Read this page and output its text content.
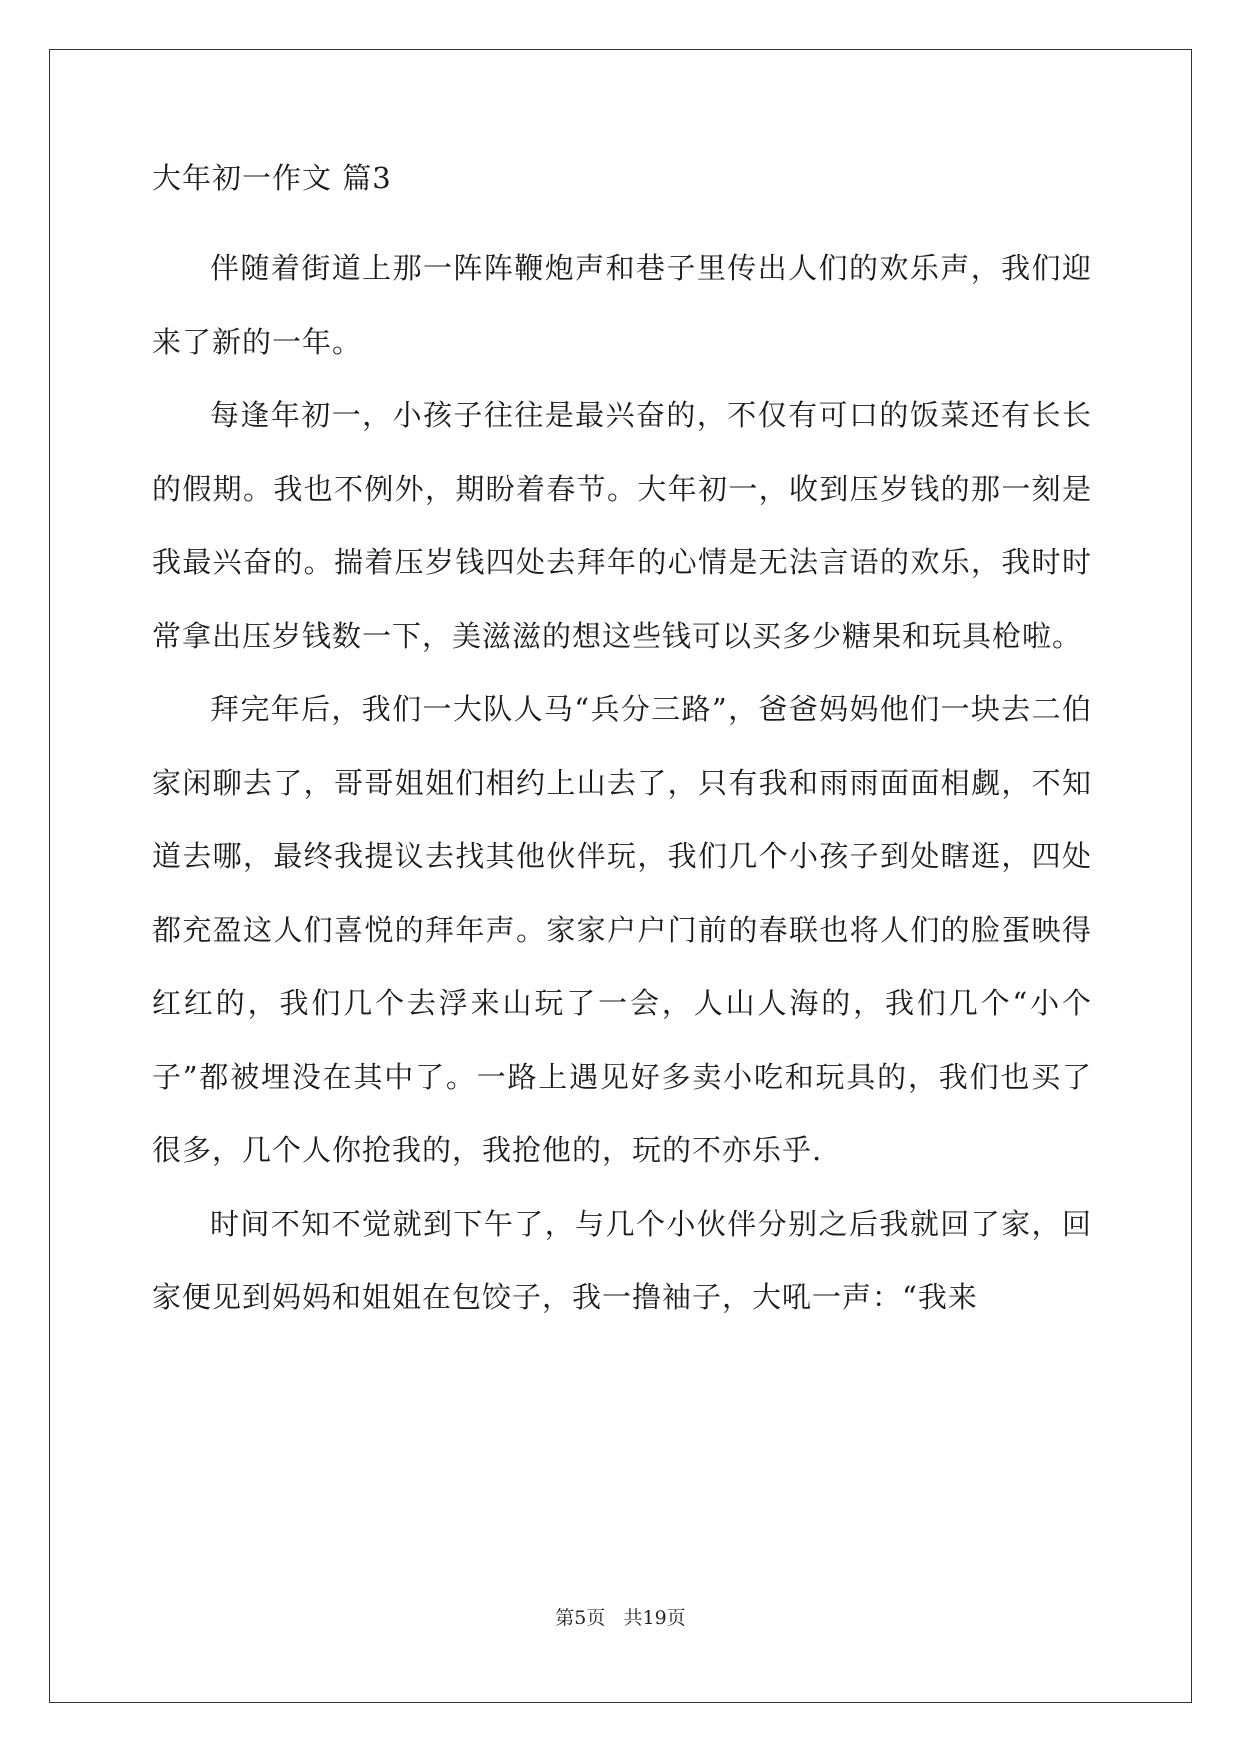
大年初一作文 篇3

伴随着街道上那一阵阵鞭炮声和巷子里传出人们的欢乐声，我们迎来了新的一年。

每逢年初一，小孩子往往是最兴奋的，不仅有可口的饭菜还有长长的假期。我也不例外，期盼着春节。大年初一，收到压岁钱的那一刻是我最兴奋的。揣着压岁钱四处去拜年的心情是无法言语的欢乐，我时时常拿出压岁钱数一下，美滋滋的想这些钱可以买多少糖果和玩具枪啦。

拜完年后，我们一大队人马“兵分三路”，爸爸妈妈他们一块去二伯家闲聊去了，哥哥姐姐们相约上山去了，只有我和雨雨面面相觑，不知道去哪，最终我提议去找其他伙伴玩，我们几个小孩子到处瞎逛，四处都充盈这人们喜悦的拜年声。家家户户门前的春联也将人们的脸蛋映得红红的，我们几个去浮来山玩了一会，人山人海的，我们几个“小个子”都被埋没在其中了。一路上遇见好多卖小吃和玩具的，我们也买了很多，几个人你抢我的，我抢他的，玩的不亦乐乎.

时间不知不觉就到下午了，与几个小伙伴分别之后我就回了家，回家便见到妈妈和姐姐在包饺子，我一撸袖子，大吼一声：“我来

第5页   共19页
